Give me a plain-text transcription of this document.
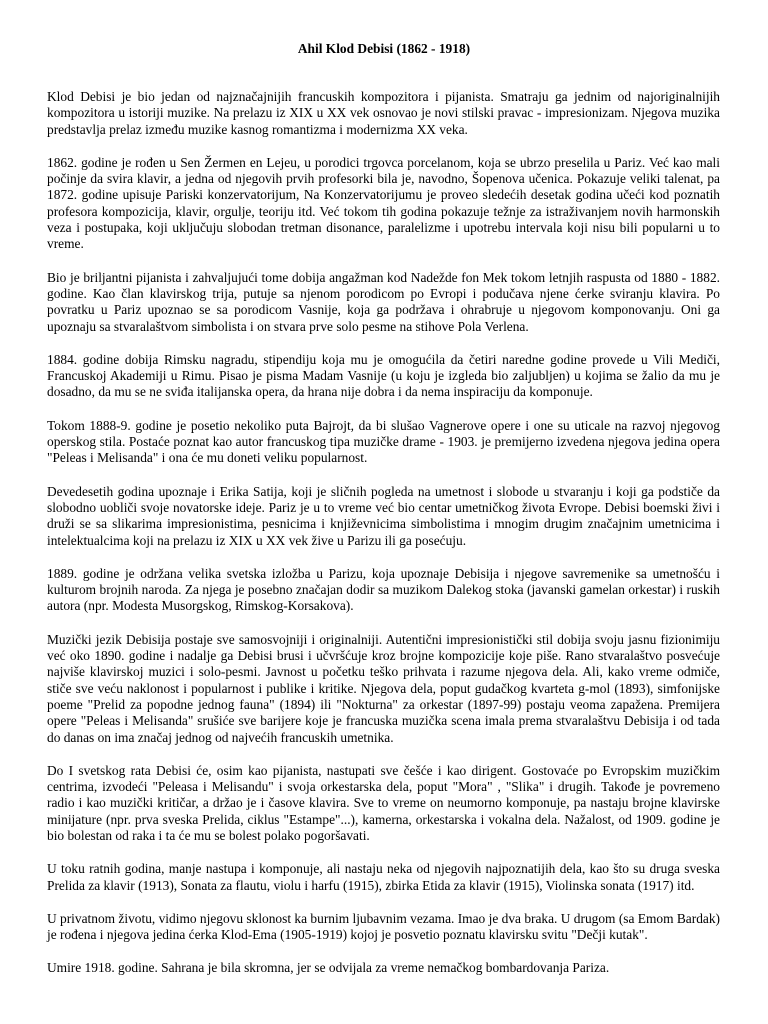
Ahil Klod Debisi (1862 - 1918)

Klod Debisi je bio jedan od najznačajnijih francuskih kompozitora i pijanista. Smatraju ga jednim od najoriginalnijih kompozitora u istoriji muzike. Na prelazu iz XIX u XX vek osnovao je novi stilski pravac - impresionizam. Njegova muzika predstavlja prelaz između muzike kasnog romantizma i modernizma XX veka.

1862. godine je rođen u Sen Žermen en Lejeu, u porodici trgovca porcelanom, koja se ubrzo preselila u Pariz. Već kao mali počinje da svira klavir, a jedna od njegovih prvih profesorki bila je, navodno, Šopenova učenica. Pokazuje veliki talenat, pa 1872. godine upisuje Pariski konzervatorijum, Na Konzervatorijumu je proveo sledećih desetak godina učeći kod poznatih profesora kompozicija, klavir, orgulje, teoriju itd. Već tokom tih godina pokazuje težnje za istraživanjem novih harmonskih veza i postupaka, koji uključuju slobodan tretman disonance, paralelizme i upotrebu intervala koji nisu bili popularni u to vreme.

Bio je briljantni pijanista i zahvaljujući tome dobija angažman kod Nadežde fon Mek tokom letnjih raspusta od 1880 - 1882. godine. Kao član klavirskog trija, putuje sa njenom porodicom po Evropi i podučava njene ćerke sviranju klavira. Po povratku u Pariz upoznao se sa porodicom Vasnije, koja ga podržava i ohrabruje u njegovom komponovanju. Oni ga upoznaju sa stvaralaštvom simbolista i on stvara prve solo pesme na stihove Pola Verlena.

1884. godine dobija Rimsku nagradu, stipendiju koja mu je omogućila da četiri naredne godine provede u Vili Mediči, Francuskoj Akademiji u Rimu. Pisao je pisma Madam Vasnije (u koju je izgleda bio zaljubljen) u kojima se žalio da mu je dosadno, da mu se ne sviđa italijanska opera, da hrana nije dobra i da nema inspiraciju da komponuje.

Tokom 1888-9. godine je posetio nekoliko puta Bajrojt, da bi slušao Vagnerove opere i one su uticale na razvoj njegovog operskog stila. Postaće poznat kao autor francuskog tipa muzičke drame - 1903. je premijerno izvedena njegova jedina opera "Peleas i Melisanda" i ona će mu doneti veliku popularnost.

Devedesetih godina upoznaje i Erika Satija, koji je sličnih pogleda na umetnost i slobode u stvaranju i koji ga podstiče da slobodno uobliči svoje novatorske ideje. Pariz je u to vreme već bio centar umetničkog života Evrope. Debisi boemski živi i druži se sa slikarima impresionistima, pesnicima i književnicima simbolistima i mnogim drugim značajnim umetnicima i intelektualcima koji na prelazu iz XIX u XX vek žive u Parizu ili ga posećuju.

1889. godine je održana velika svetska izložba u Parizu, koja upoznaje Debisija i njegove savremenike sa umetnošću i kulturom brojnih naroda. Za njega je posebno značajan dodir sa muzikom Dalekog stoka (javanski gamelan orkestar) i ruskih autora (npr. Modesta Musorgskog, Rimskog-Korsakova).

Muzički jezik Debisija postaje sve samosvojniji i originalniji. Autentični impresionistički stil dobija svoju jasnu fizionimiju već oko 1890. godine i nadalje ga Debisi brusi i učvršćuje kroz brojne kompozicije koje piše. Rano stvaralaštvo posvećuje najviše klavirskoj muzici i solo-pesmi. Javnost u početku teško prihvata i razume njegova dela. Ali, kako vreme odmiče, stiče sve veću naklonost i popularnost i publike i kritike. Njegova dela, poput gudačkog kvarteta g-mol (1893), simfonijske poeme "Prelid za popodne jednog fauna" (1894) ili "Nokturna" za orkestar (1897-99) postaju veoma zapažena. Premijera opere "Peleas i Melisanda" srušiće sve barijere koje je francuska muzička scena imala prema stvaralaštvu Debisija i od tada do danas on ima značaj jednog od najvećih francuskih umetnika.

Do I svetskog rata Debisi će, osim kao pijanista, nastupati sve češće i kao dirigent. Gostovaće po Evropskim muzičkim centrima, izvodeći "Peleasa i Melisandu" i svoja orkestarska dela, poput "Mora" , "Slika" i drugih. Takođe je povremeno radio i kao muzički kritičar, a držao je i časove klavira. Sve to vreme on neumorno komponuje, pa nastaju brojne klavirske minijature (npr. prva sveska Prelida, ciklus "Estampe"...), kamerna, orkestarska i vokalna dela. Nažalost, od 1909. godine je bio bolestan od raka i ta će mu se bolest polako pogoršavati.

U toku ratnih godina, manje nastupa i komponuje, ali nastaju neka od njegovih najpoznatijih dela, kao što su druga sveska Prelida za klavir (1913), Sonata za flautu, violu i harfu (1915), zbirka Etida za klavir (1915), Violinska sonata (1917) itd.

U privatnom životu, vidimo njegovu sklonost ka burnim ljubavnim vezama. Imao je dva braka. U drugom (sa Emom Bardak) je rođena i njegova jedina ćerka Klod-Ema (1905-1919) kojoj je posvetio poznatu klavirsku svitu "Dečji kutak".

Umire 1918. godine. Sahrana je bila skromna, jer se odvijala za vreme nemačkog bombardovanja Pariza.
